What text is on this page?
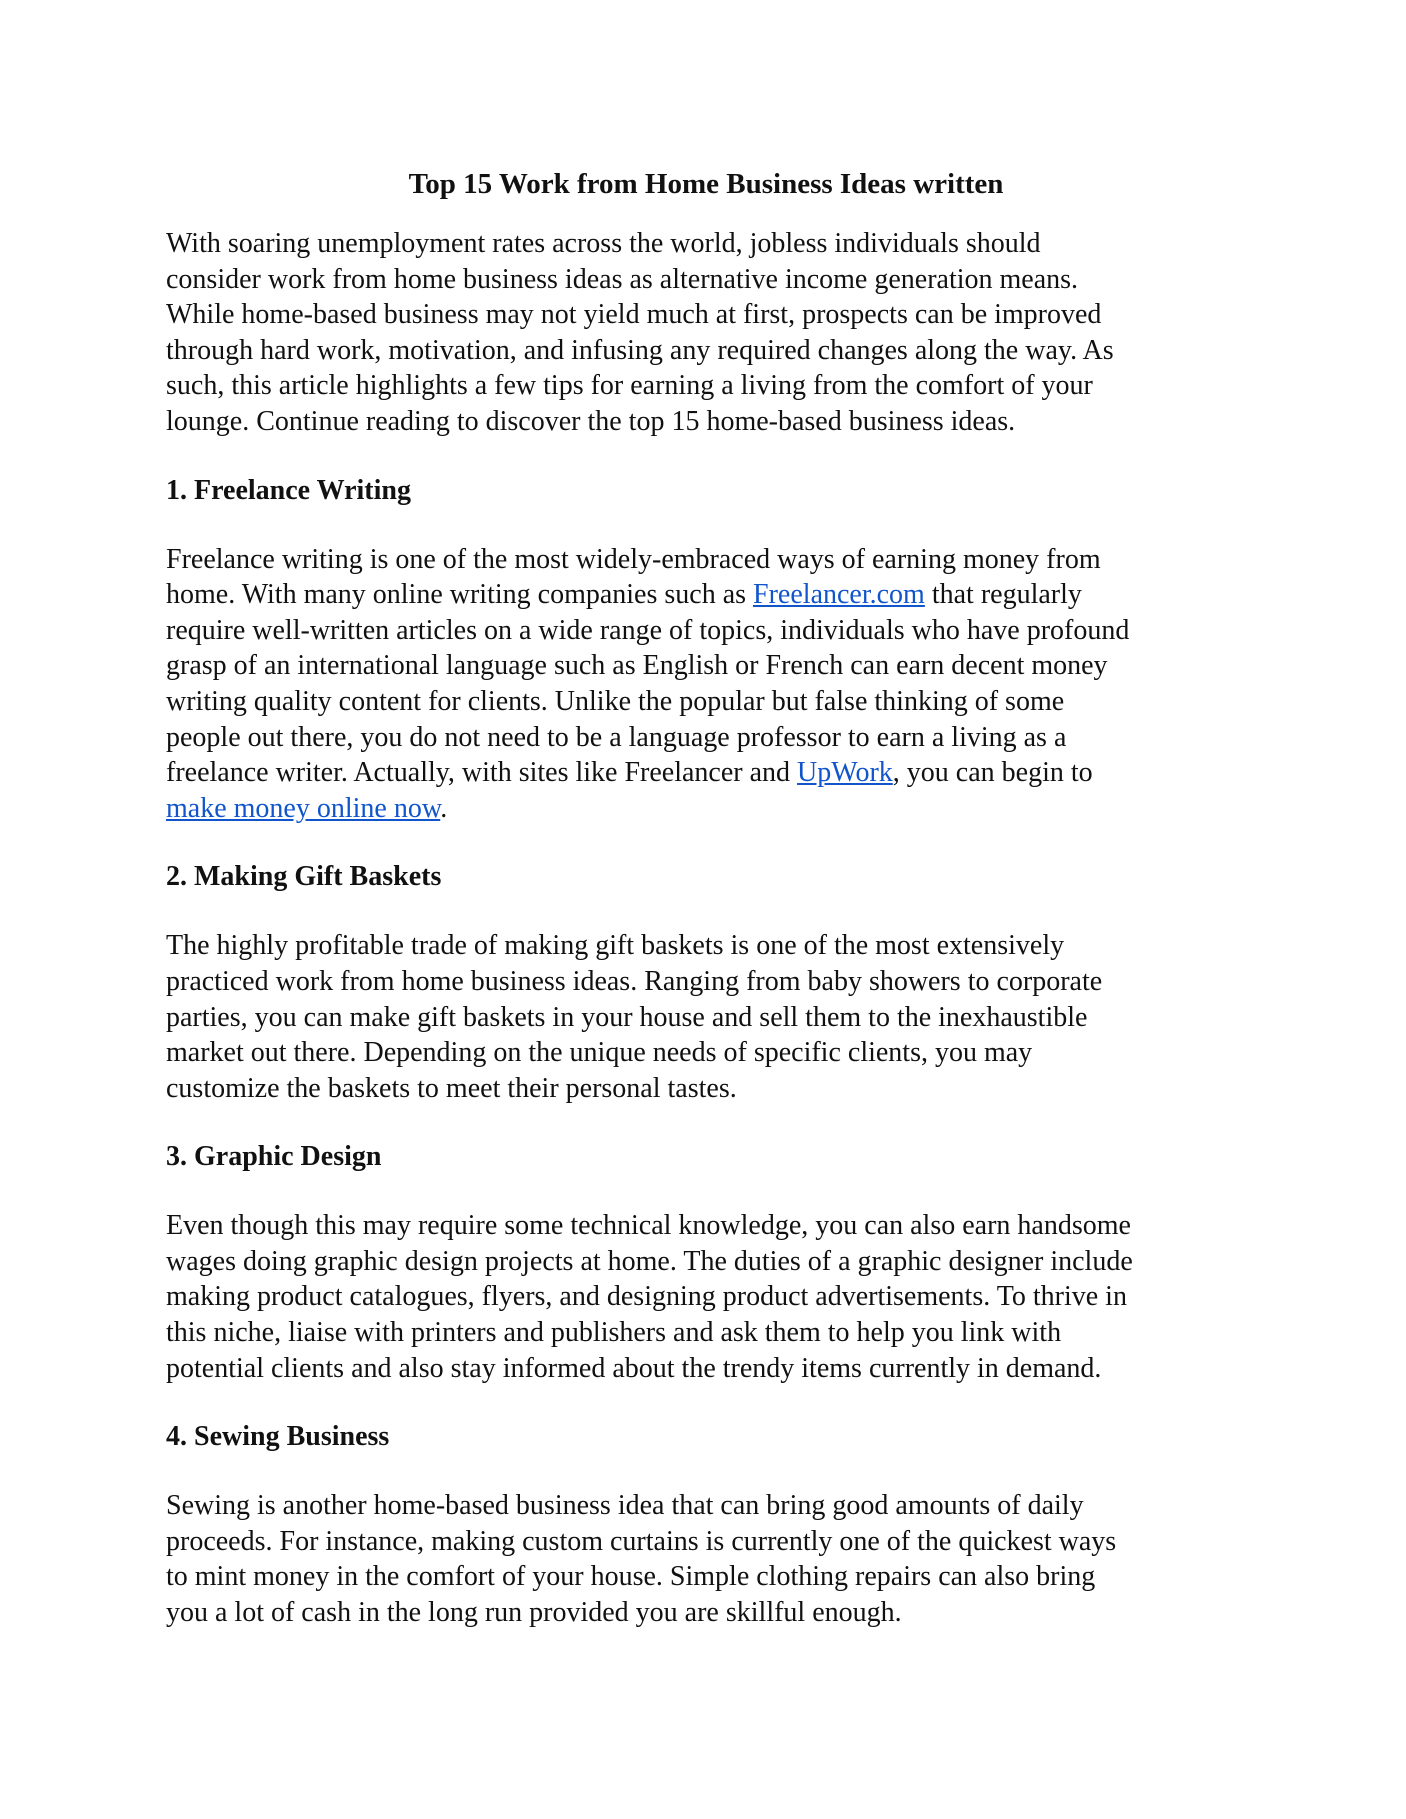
Top 15 Work from Home Business Ideas written

With soaring unemployment rates across the world, jobless individuals should
consider work from home business ideas as alternative income generation means.
While home-based business may not yield much at first, prospects can be improved
through hard work, motivation, and infusing any required changes along the way. As
such, this article highlights a few tips for earning a living from the comfort of your
lounge. Continue reading to discover the top 15 home-based business ideas.

1. Freelance Writing

Freelance writing is one of the most widely-embraced ways of earning money from
home. With many online writing companies such as Freelancer.com that regularly
require well-written articles on a wide range of topics, individuals who have profound
grasp of an international language such as English or French can earn decent money
writing quality content for clients. Unlike the popular but false thinking of some
people out there, you do not need to be a language professor to earn a living as a
freelance writer. Actually, with sites like Freelancer and UpWork, you can begin to
make money online now.

2. Making Gift Baskets

The highly profitable trade of making gift baskets is one of the most extensively
practiced work from home business ideas. Ranging from baby showers to corporate
parties, you can make gift baskets in your house and sell them to the inexhaustible
market out there. Depending on the unique needs of specific clients, you may
customize the baskets to meet their personal tastes.

3. Graphic Design

Even though this may require some technical knowledge, you can also earn handsome
wages doing graphic design projects at home. The duties of a graphic designer include
making product catalogues, flyers, and designing product advertisements. To thrive in
this niche, liaise with printers and publishers and ask them to help you link with
potential clients and also stay informed about the trendy items currently in demand.

4. Sewing Business

Sewing is another home-based business idea that can bring good amounts of daily
proceeds. For instance, making custom curtains is currently one of the quickest ways
to mint money in the comfort of your house. Simple clothing repairs can also bring
you a lot of cash in the long run provided you are skillful enough.
